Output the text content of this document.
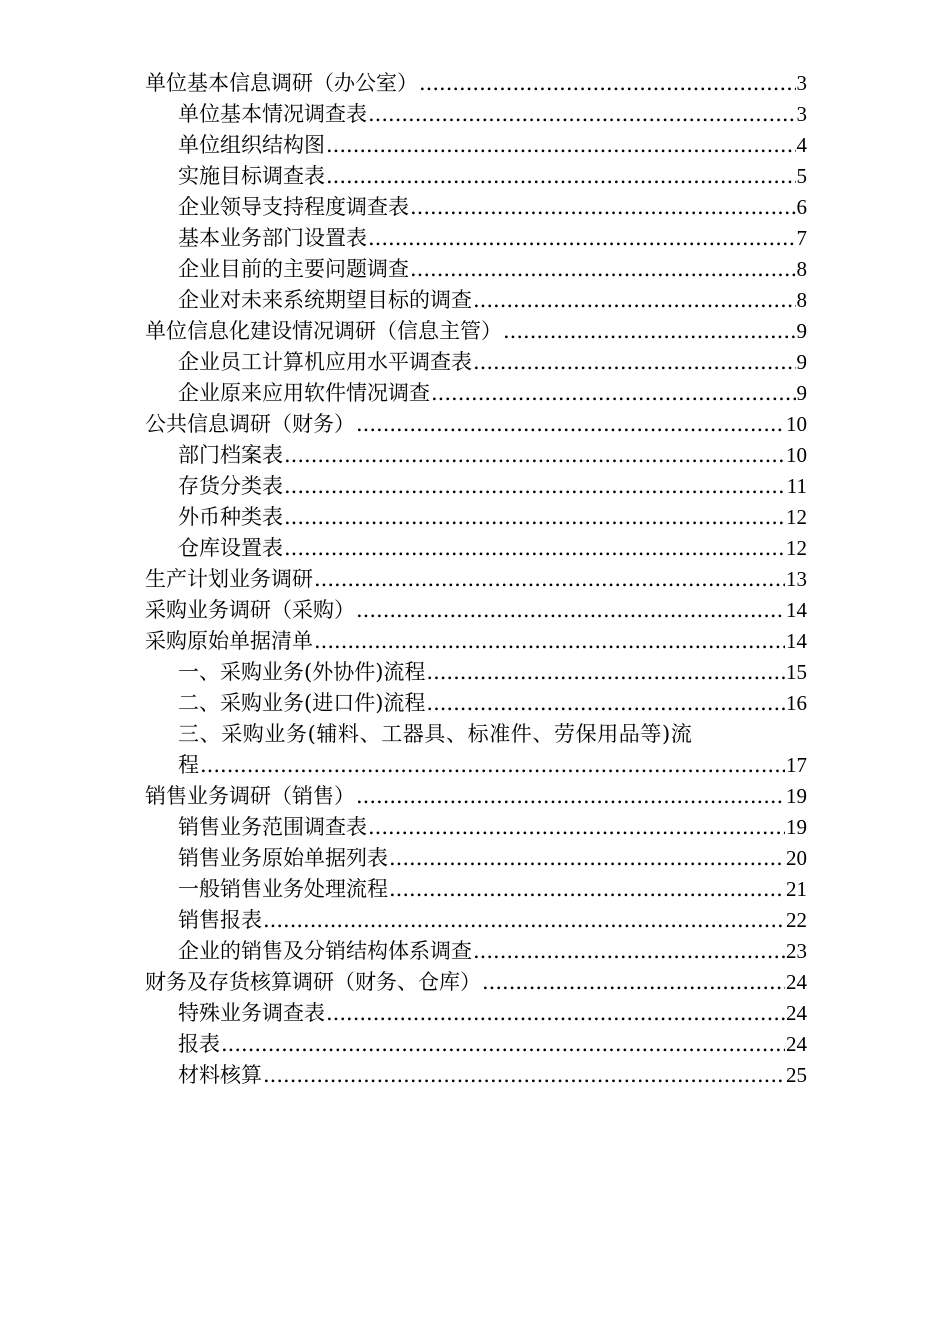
单位基本信息调研（办公室） .....	3
单位基本情况调查表 .....	3
单位组织结构图 .....	4
实施目标调查表 .....	5
企业领导支持程度调查表 .....	6
基本业务部门设置表 .....	7
企业目前的主要问题调查 .....	8
企业对未来系统期望目标的调查 .....	8
单位信息化建设情况调研（信息主管） .....	9
企业员工计算机应用水平调查表 .....	9
企业原来应用软件情况调查 .....	9
公共信息调研（财务） .....	10
部门档案表 .....	10
存货分类表 .....	11
外币种类表 .....	12
仓库设置表 .....	12
生产计划业务调研 .....	13
采购业务调研（采购） .....	14
采购原始单据清单 .....	14
一、采购业务(外协件)流程 .....	15
二、采购业务(进口件)流程 .....	16
三、采购业务(辅料、工器具、标准件、劳保用品等)流
程 .....	17
销售业务调研（销售） .....	19
销售业务范围调查表 .....	19
销售业务原始单据列表 .....	20
一般销售业务处理流程 .....	21
销售报表 .....	22
企业的销售及分销结构体系调查 .....	23
财务及存货核算调研（财务、仓库） .....	24
特殊业务调查表 .....	24
报表 .....	24
材料核算 .....	25
